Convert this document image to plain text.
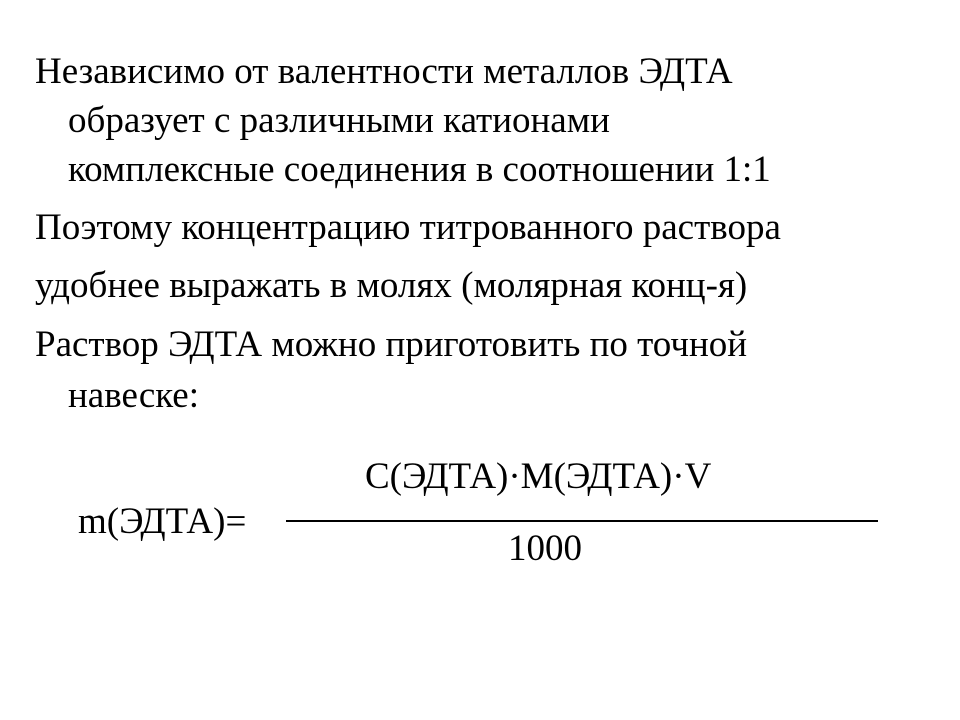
Независимо от валентности металлов ЭДТА
образует с различными катионами
комплексные соединения в соотношении 1:1
Поэтому концентрацию титрованного раствора
удобнее выражать в молях (молярная конц-я)
Раствор ЭДТА можно приготовить по точной
навеске:
m(ЭДТА)=
C(ЭДТА)·M(ЭДТА)·V
1000
